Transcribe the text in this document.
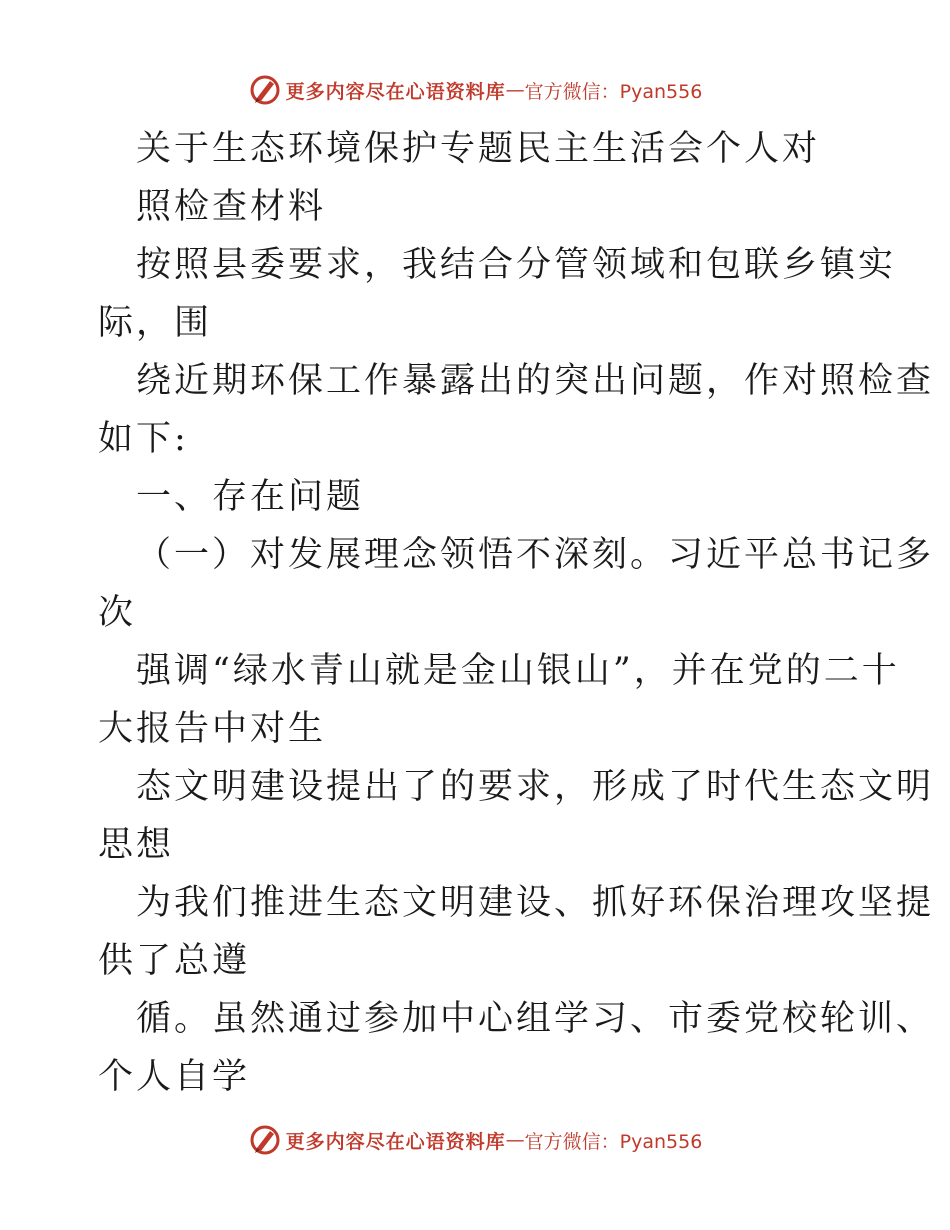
更多内容尽在心语资料库 — 官方微信：Pyan556
关于生态环境保护专题民主生活会个人对
照检查材料
按照县委要求，我结合分管领域和包联乡镇实
际，围
绕近期环保工作暴露出的突出问题，作对照检查
如下:
一、存在问题
（一）对发展理念领悟不深刻。习近平总书记多
次
强调“绿水青山就是金山银山”，并在党的二十
大报告中对生
态文明建设提出了的要求，形成了时代生态文明
思想
为我们推进生态文明建设、抓好环保治理攻坚提
供了总遵
循。虽然通过参加中心组学习、市委党校轮训、
个人自学
更多内容尽在心语资料库 — 官方微信：Pyan556
